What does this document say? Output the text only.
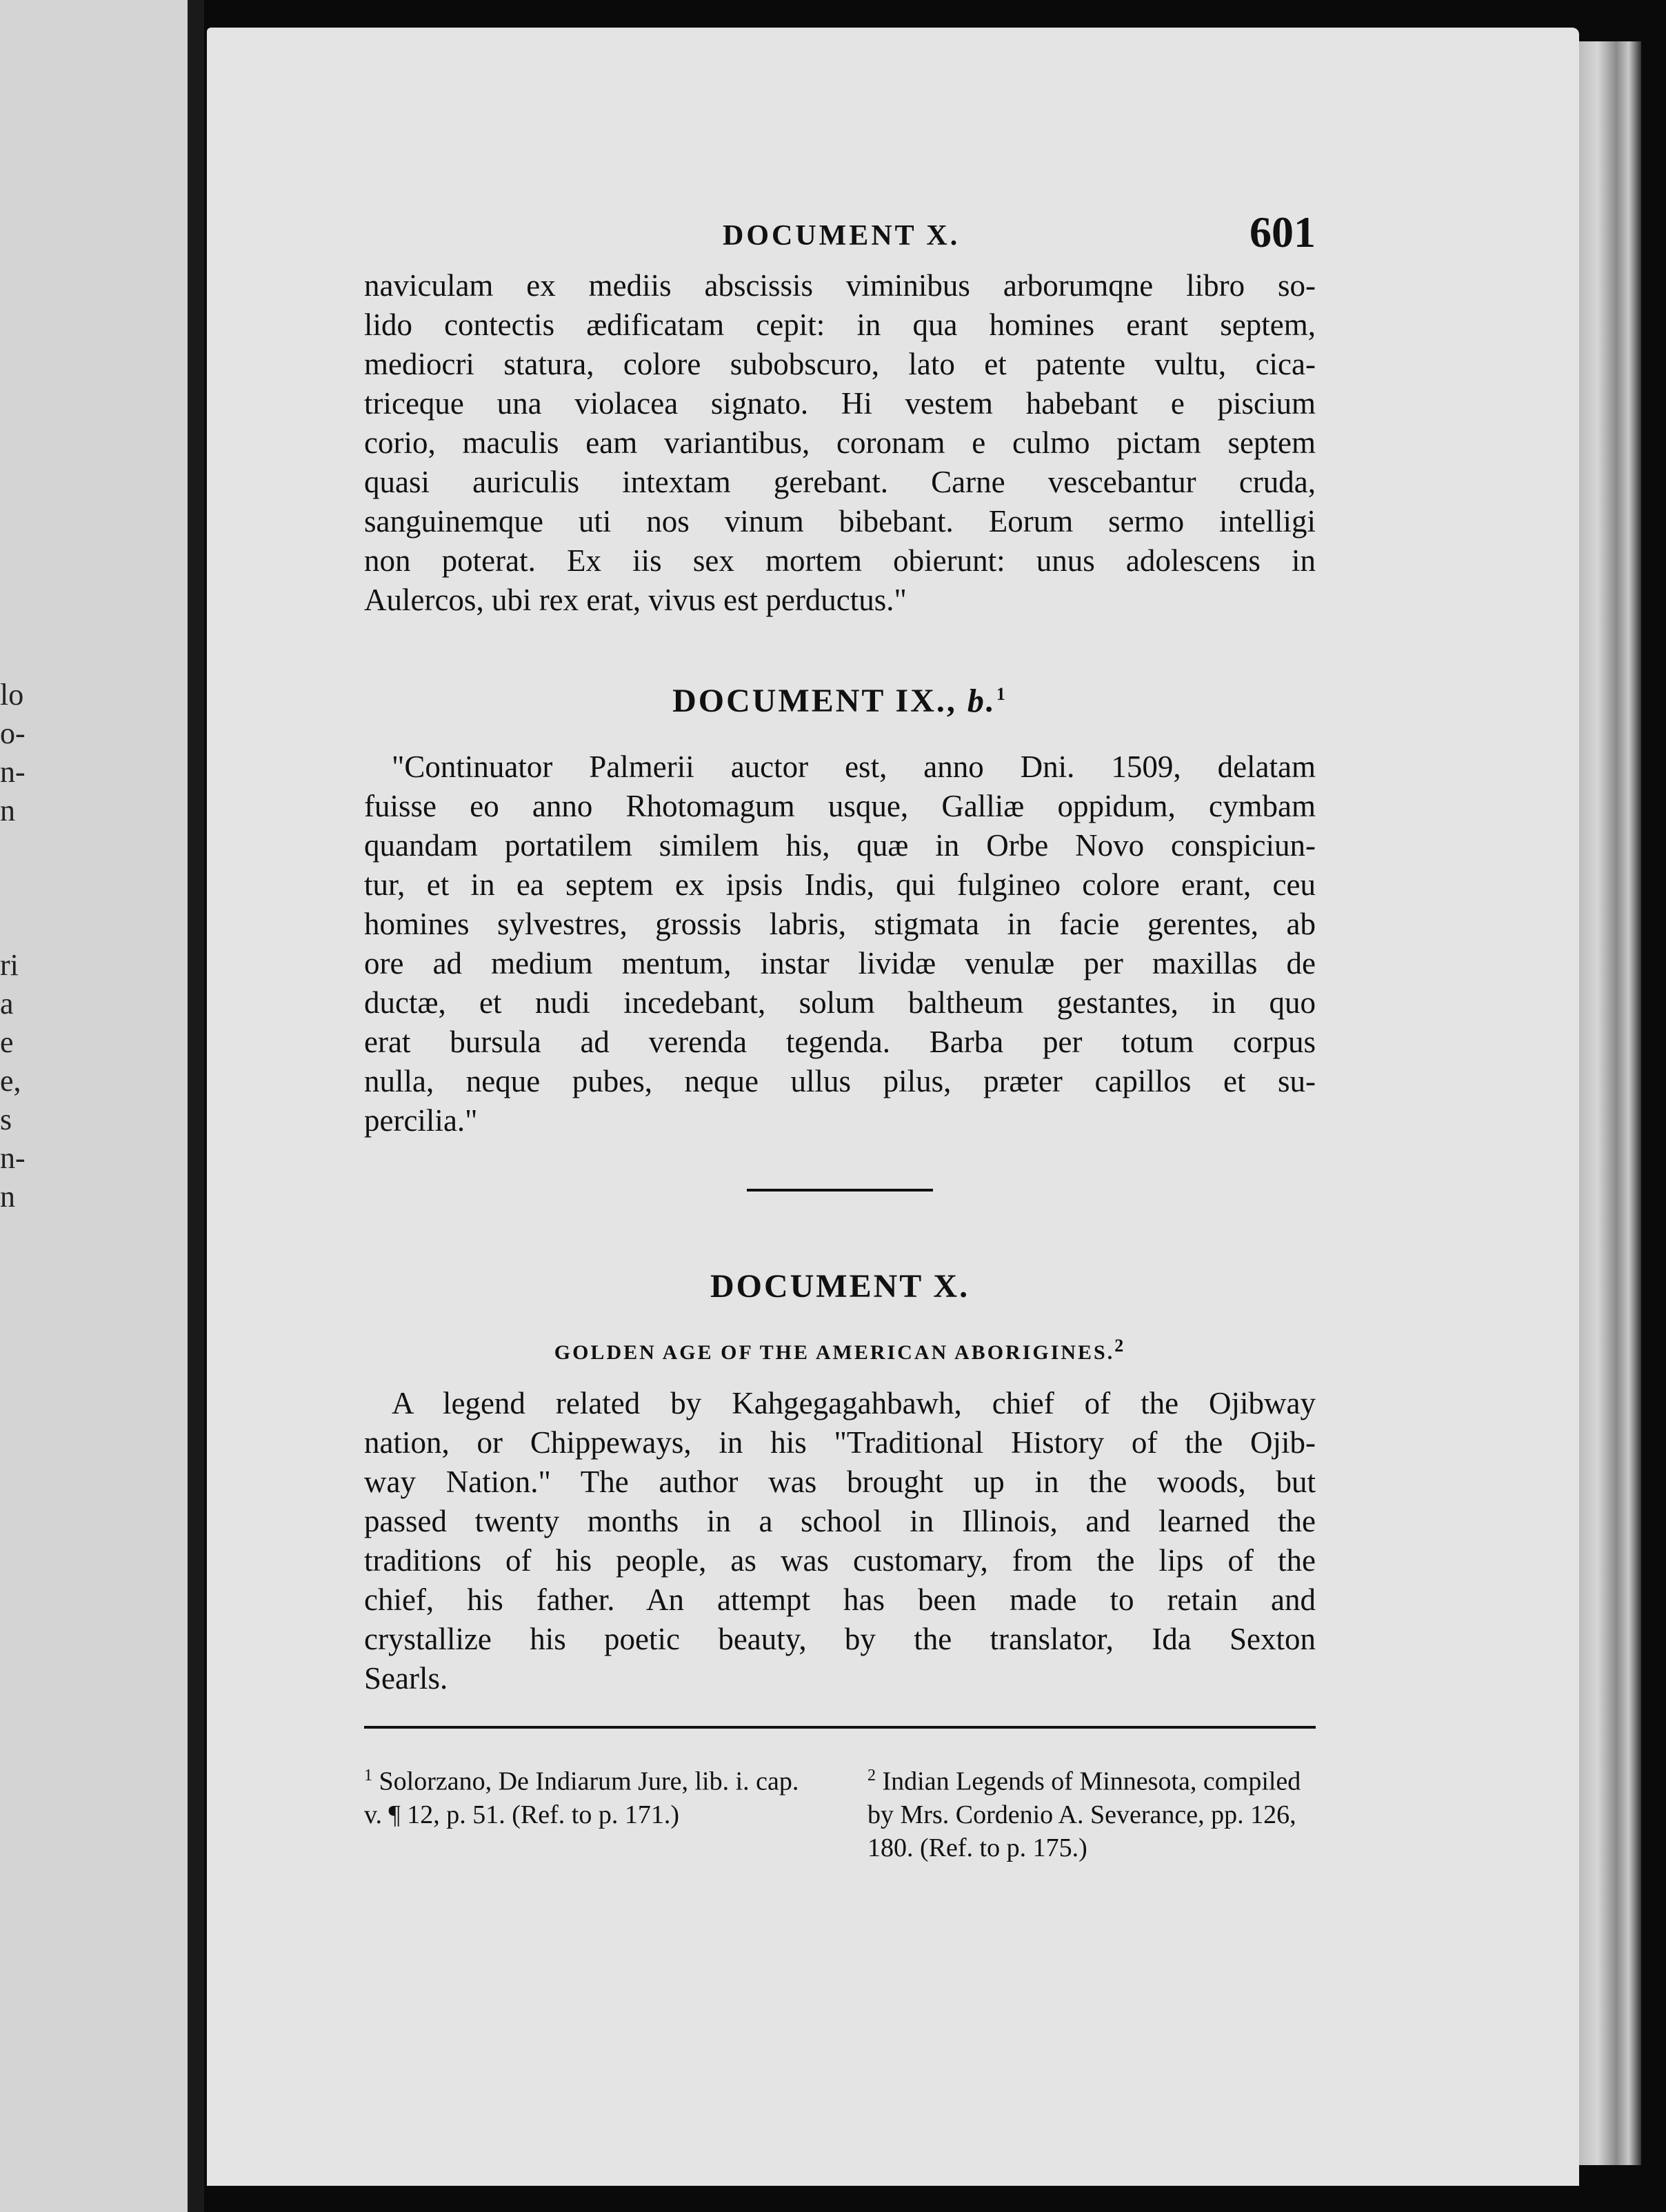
lo
o-
n-
n
ri
a
e
e,
s
n-
n
DOCUMENT X.	601
naviculam ex mediis abscissis viminibus arborumqne libro so-
lido contectis ædificatam cepit: in qua homines erant septem,
mediocri statura, colore subobscuro, lato et patente vultu, cica-
triceque una violacea signato. Hi vestem habebant e piscium
corio, maculis eam variantibus, coronam e culmo pictam septem
quasi auriculis intextam gerebant. Carne vescebantur cruda,
sanguinemque uti nos vinum bibebant. Eorum sermo intelligi
non poterat. Ex iis sex mortem obierunt: unus adolescens in
Aulercos, ubi rex erat, vivus est perductus."
DOCUMENT IX., b.$^1$
"Continuator Palmerii auctor est, anno Dni. 1509, delatam
fuisse eo anno Rhotomagum usque, Galliæ oppidum, cymbam
quandam portatilem similem his, quæ in Orbe Novo conspiciun-
tur, et in ea septem ex ipsis Indis, qui fulgineo colore erant, ceu
homines sylvestres, grossis labris, stigmata in facie gerentes, ab
ore ad medium mentum, instar lividæ venulæ per maxillas de
ductæ, et nudi incedebant, solum baltheum gestantes, in quo
erat bursula ad verenda tegenda. Barba per totum corpus
nulla, neque pubes, neque ullus pilus, præter capillos et su-
percilia."
DOCUMENT X.
GOLDEN AGE OF THE AMERICAN ABORIGINES.$^2$
A legend related by Kahgegagahbawh, chief of the Ojibway
nation, or Chippeways, in his "Traditional History of the Ojib-
way Nation." The author was brought up in the woods, but
passed twenty months in a school in Illinois, and learned the
traditions of his people, as was customary, from the lips of the
chief, his father. An attempt has been made to retain and
crystallize his poetic beauty, by the translator, Ida Sexton
Searls.
$^1$ Solorzano, De Indiarum Jure, lib. i. cap. v. ¶ 12, p. 51. (Ref. to p. 171.)
$^2$ Indian Legends of Minnesota, compiled by Mrs. Cordenio A. Severance, pp. 126, 180. (Ref. to p. 175.)
